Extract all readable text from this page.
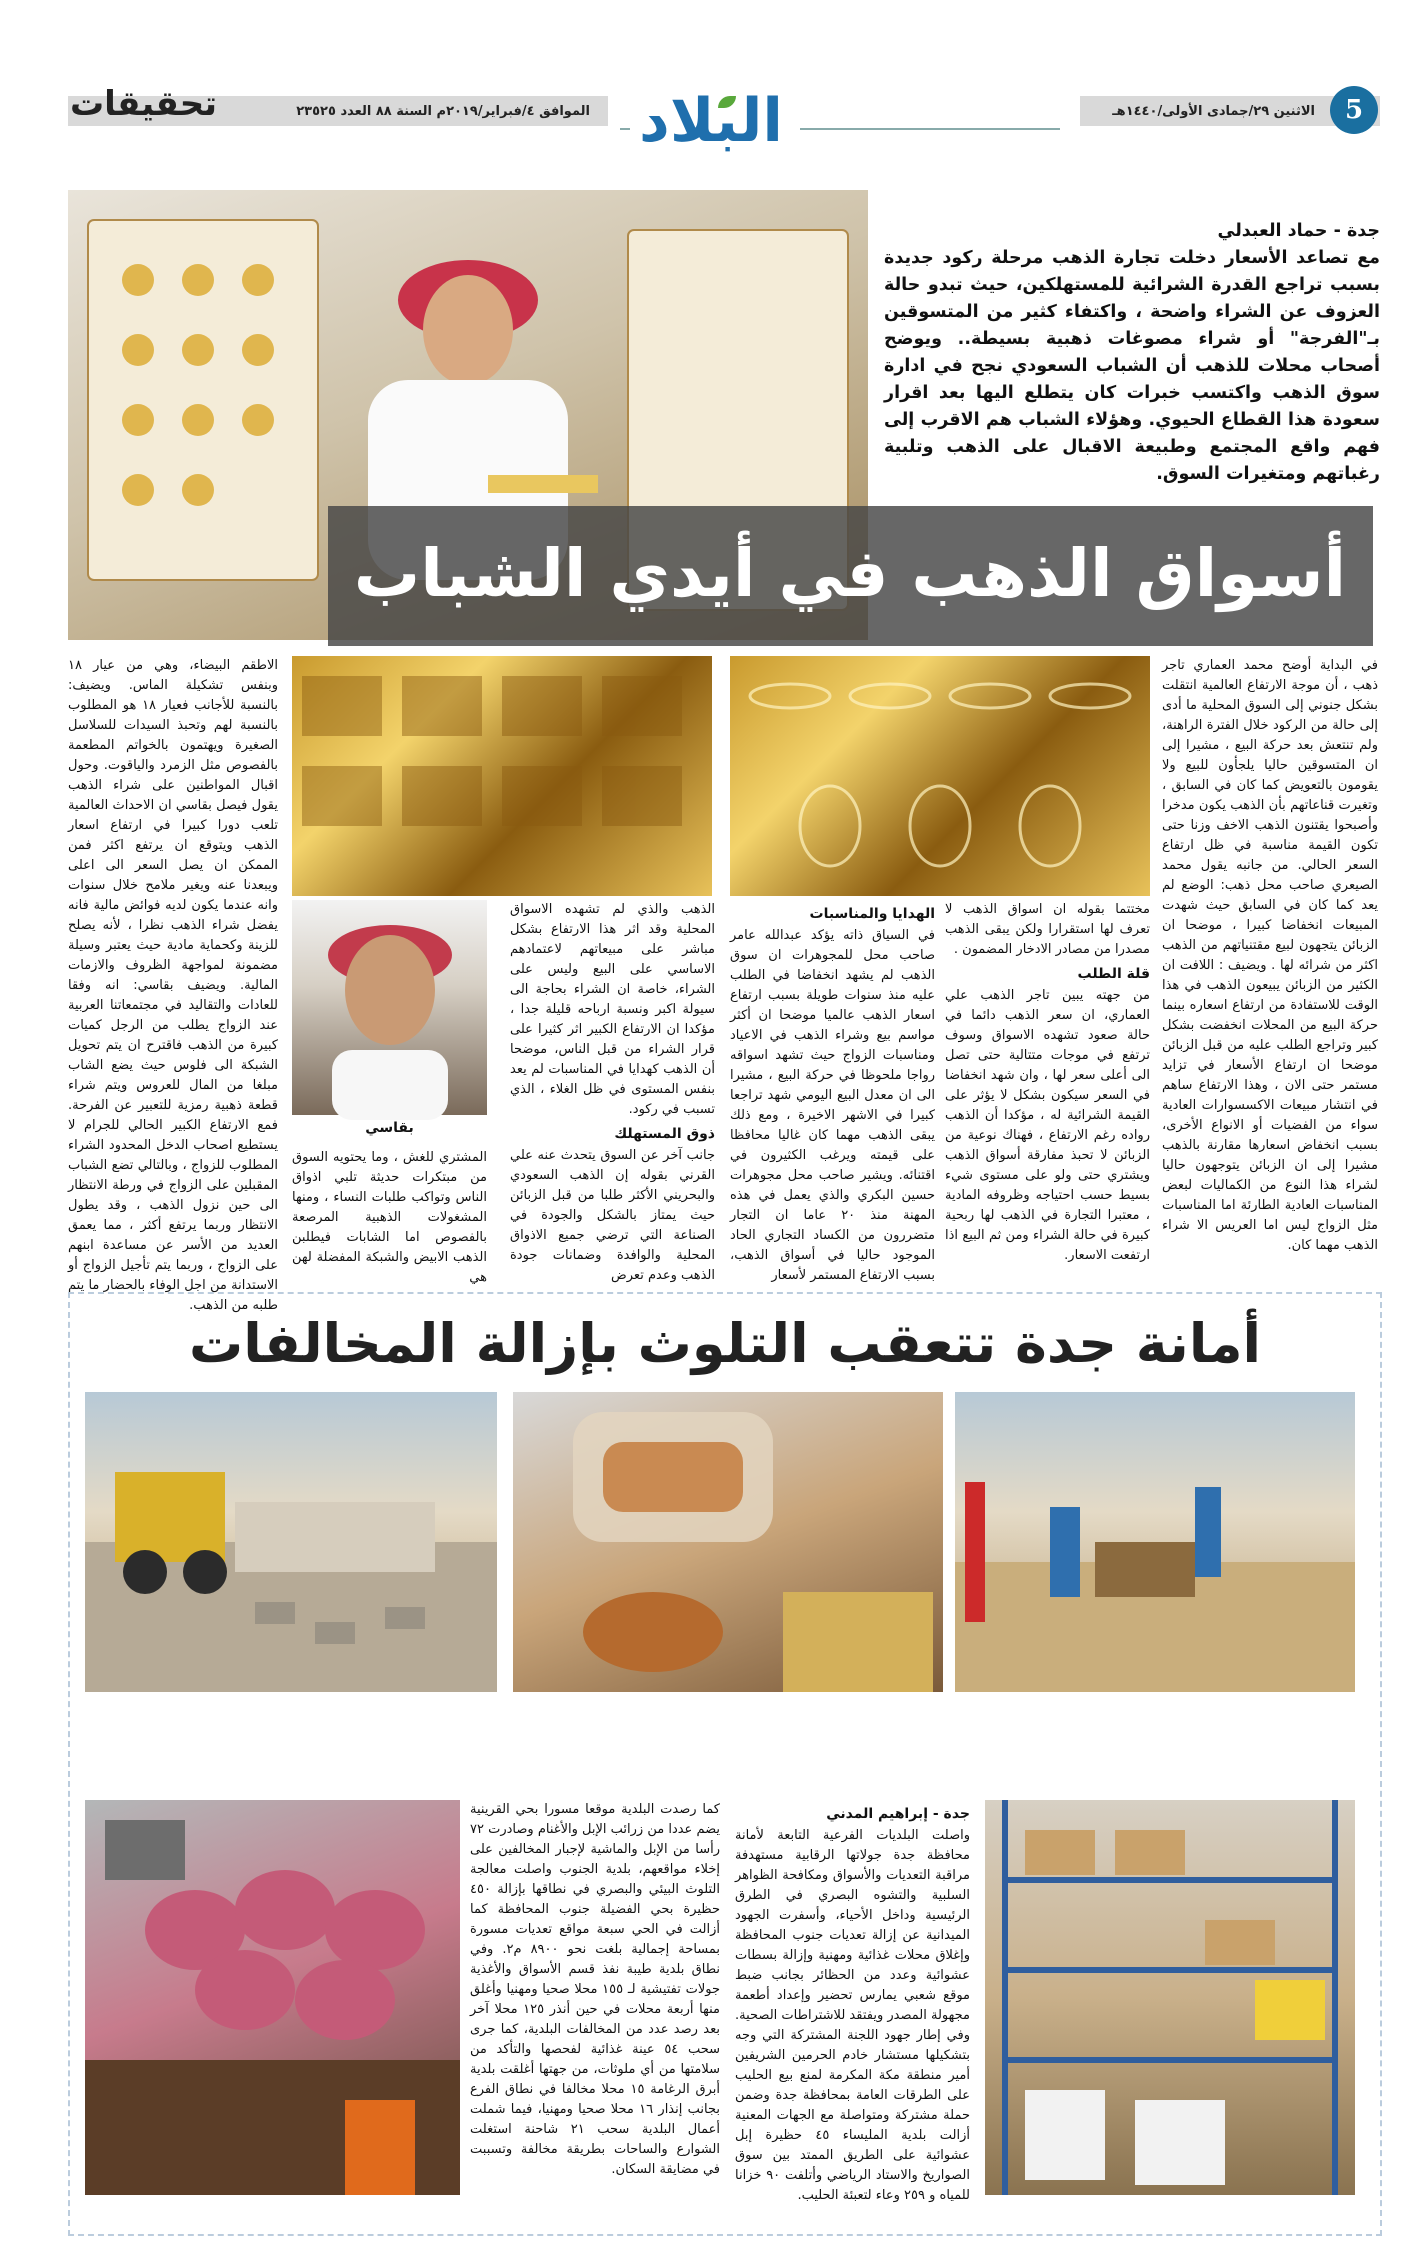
5
الاثنين ٢٩/جمادى الأولى/١٤٤٠هـ
الموافق ٤/فبراير/٢٠١٩م السنة ٨٨ العدد ٢٣٥٢٥
تحقيقات	البلاد
جدة - حماد العبدلي
مع تصاعد الأسعار دخلت تجارة الذهب مرحلة ركود جديدة بسبب تراجع القدرة الشرائية للمستهلكين، حيث تبدو حالة العزوف عن الشراء واضحة ، واكتفاء كثير من المتسوقين بـ"الفرجة" أو شراء مصوغات ذهبية بسيطة.. ويوضح أصحاب محلات للذهب أن الشباب السعودي نجح في ادارة سوق الذهب واكتسب خبرات كان يتطلع اليها بعد اقرار سعودة هذا القطاع الحيوي. وهؤلاء الشباب هم الاقرب إلى فهم واقع المجتمع وطبيعة الاقبال على الذهب وتلبية رغباتهم ومتغيرات السوق.
أسواق الذهب في أيدي الشباب

في البداية أوضح محمد العماري تاجر ذهب ، أن موجة الارتفاع العالمية انتقلت بشكل جنوني إلى السوق المحلية ما أدى إلى حالة من الركود خلال الفترة الراهنة، ولم تنتعش بعد حركة البيع ، مشيرا إلى ان المتسوقين حاليا يلجأون للبيع ولا يقومون بالتعويض كما كان في السابق ، وتغيرت قناعاتهم بأن الذهب يكون مدخرا وأصبحوا يقتنون الذهب الاخف وزنا حتى تكون القيمة مناسبة في ظل ارتفاع السعر الحالي. من جانبه يقول محمد الصيعري صاحب محل ذهب: الوضع لم يعد كما كان في السابق حيث شهدت المبيعات انخفاضا كبيرا ، موضحا ان الزبائن يتجهون لبيع مقتنياتهم من الذهب اكثر من شرائه لها . ويضيف : اللافت ان الكثير من الزبائن يبيعون الذهب في هذا الوقت للاستفادة من ارتفاع اسعاره بينما حركة البيع من المحلات انخفضت بشكل كبير وتراجع الطلب عليه من قبل الزبائن موضحا ان ارتفاع الأسعار في تزايد مستمر حتى الان ، وهذا الارتفاع ساهم في انتشار مبيعات الاكسسوارات العادية سواء من الفضيات أو الانواع الأخرى، بسبب انخفاض اسعارها مقارنة بالذهب مشيرا إلى ان الزبائن يتوجهون حاليا لشراء هذا النوع من الكماليات لبعض المناسبات العادية الطارئة اما المناسبات مثل الزواج ليس اما العريس الا شراء الذهب مهما كان.

مختتما بقوله ان اسواق الذهب لا تعرف لها استقرارا ولكن يبقى الذهب مصدرا من مصادر الادخار المضمون .

قلة الطلب

من جهته يبين تاجر الذهب علي العماري، ان سعر الذهب دائما في حالة صعود تشهده الاسواق وسوف ترتفع في موجات متتالية حتى تصل الى أعلى سعر لها ، وان شهد انخفاضا في السعر سيكون بشكل لا يؤثر على القيمة الشرائية له ، مؤكدا أن الذهب رواده رغم الارتفاع ، فهناك نوعية من الزبائن لا تحبذ مفارقة أسواق الذهب ويشتري حتى ولو على مستوى شيء بسيط حسب احتياجه وظروفه المادية ، معتبرا التجارة في الذهب لها ربحية كبيرة في حالة الشراء ومن ثم البيع اذا ارتفعت الاسعار.

الهدايا والمناسبات

في السياق ذاته يؤكد عبدالله عامر صاحب محل للمجوهرات ان سوق الذهب لم يشهد انخفاضا في الطلب عليه منذ سنوات طويلة بسبب ارتفاع اسعار الذهب عالميا موضحا ان أكثر مواسم بيع وشراء الذهب في الاعياد ومناسبات الزواج حيث تشهد اسواقه رواجا ملحوظا في حركة البيع ، مشيرا الى ان معدل البيع اليومي شهد تراجعا كبيرا في الاشهر الاخيرة ، ومع ذلك يبقى الذهب مهما كان غاليا محافظا على قيمته ويرغب الكثيرون في اقتنائه. ويشير صاحب محل مجوهرات حسين البكري والذي يعمل في هذه المهنة منذ ٢٠ عاما ان التجار متضررون من الكساد التجاري الحاد الموجود حاليا في أسواق الذهب، بسبب الارتفاع المستمر لأسعار

الذهب والذي لم تشهده الاسواق المحلية وقد اثر هذا الارتفاع بشكل مباشر على مبيعاتهم لاعتمادهم الاساسي على البيع وليس على الشراء، خاصة ان الشراء بحاجة الى سيولة اكبر ونسبة ارباحه قليلة جدا ، مؤكدا ان الارتفاع الكبير اثر كثيرا على قرار الشراء من قبل الناس، موضحا أن الذهب كهدايا في المناسبات لم يعد بنفس المستوى في ظل الغلاء ، الذي تسبب في ركود.

ذوق المستهلك

جانب آخر عن السوق يتحدث عنه علي القرني بقوله إن الذهب السعودي والبحريني الأكثر طلبا من قبل الزبائن حيث يمتاز بالشكل والجودة في الصناعة التي ترضي جميع الاذواق المحلية والوافدة وضمانات جودة الذهب وعدم تعرض

بقاسي

المشتري للغش ، وما يحتويه السوق من مبتكرات حديثة تلبي اذواق الناس وتواكب طلبات النساء ، ومنها المشغولات الذهبية المرصعة بالفصوص اما الشابات فيطلبن الذهب الابيض والشبكة المفضلة لهن هي

الاطقم البيضاء، وهي من عيار ١٨ وبنفس تشكيلة الماس. ويضيف: بالنسبة للأجانب فعيار ١٨ هو المطلوب بالنسبة لهم وتحبذ السيدات للسلاسل الصغيرة ويهتمون بالخواتم المطعمة بالفصوص مثل الزمرد والياقوت. وحول اقبال المواطنين على شراء الذهب يقول فيصل بقاسي ان الاحداث العالمية تلعب دورا كبيرا في ارتفاع اسعار الذهب ويتوقع ان يرتفع اكثر فمن الممكن ان يصل السعر الى اعلى ويبعدنا عنه ويغير ملامح خلال سنوات وانه عندما يكون لديه فوائض مالية فانه يفضل شراء الذهب نظرا ، لأنه يصلح للزينة وكحماية مادية حيث يعتبر وسيلة مضمونة لمواجهة الظروف والازمات المالية. ويضيف بقاسي: انه وفقا للعادات والتقاليد في مجتمعاتنا العربية عند الزواج يطلب من الرجل كميات كبيرة من الذهب فاقترح ان يتم تحويل الشبكة الى فلوس حيث يضع الشاب مبلغا من المال للعروس ويتم شراء قطعة ذهبية رمزية للتعبير عن الفرحة. فمع الارتفاع الكبير الحالي للجرام لا يستطيع اصحاب الدخل المحدود الشراء المطلوب للزواج ، وبالتالي تضع الشباب المقبلين على الزواج في ورطة الانتظار الى حين نزول الذهب ، وقد يطول الانتظار وربما يرتفع أكثر ، مما يعمق العديد من الأسر عن مساعدة ابنهم على الزواج ، وربما يتم تأجيل الزواج أو الاستدانة من اجل الوفاء بالحضار ما يتم طلبه من الذهب.

أمانة جدة تتعقب التلوث بإزالة المخالفات
جدة - إبراهيم المدني

واصلت البلديات الفرعية التابعة لأمانة محافظة جدة جولاتها الرقابية مستهدفة مراقبة التعديات والأسواق ومكافحة الظواهر السلبية والتشوه البصري في الطرق الرئيسية وداخل الأحياء، وأسفرت الجهود الميدانية عن إزالة تعديات جنوب المحافظة وإغلاق محلات غذائية ومهنية وإزالة بسطات عشوائية وعدد من الحظائر بجانب ضبط موقع شعبي يمارس تحضير وإعداد أطعمة مجهولة المصدر ويفتقد للاشتراطات الصحية. وفي إطار جهود اللجنة المشتركة التي وجه بتشكيلها مستشار خادم الحرمين الشريفين أمير منطقة مكة المكرمة لمنع بيع الحليب على الطرقات العامة بمحافظة جدة وضمن حملة مشتركة ومتواصلة مع الجهات المعنية أزالت بلدية المليساء ٤٥ حظيرة إبل عشوائية على الطريق الممتد بين سوق الصواريخ والاستاد الرياضي وأتلفت ٩٠ خزانا للمياه و ٢٥٩ وعاء لتعبئة الحليب.

كما رصدت البلدية موقعا مسورا بحي القرينية يضم عددا من زرائب الإبل والأغنام وصادرت ٧٢ رأسا من الإبل والماشية لإجبار المخالفين على إخلاء مواقعهم، بلدية الجنوب واصلت معالجة التلوث البيئي والبصري في نطاقها بإزالة ٤٥٠ حظيرة بحي الفضيلة جنوب المحافظة كما أزالت في الحي سبعة مواقع تعديات مسورة بمساحة إجمالية بلغت نحو ٨٩٠٠ م٢. وفي نطاق بلدية طيبة نفذ قسم الأسواق والأغذية جولات تفتيشية لـ ١٥٥ محلا صحيا ومهنيا وأغلق منها أربعة محلات في حين أنذر ١٢٥ محلا آخر بعد رصد عدد من المخالفات البلدية، كما جرى سحب ٥٤ عينة غذائية لفحصها والتأكد من سلامتها من أي ملوثات، من جهتها أغلقت بلدية أبرق الرغامة ١٥ محلا مخالفا في نطاق الفرع بجانب إنذار ١٦ محلا صحيا ومهنيا، فيما شملت أعمال البلدية سحب ٢١ شاحنة استغلت الشوارع والساحات بطريقة مخالفة وتسببت في مضايقة السكان.
